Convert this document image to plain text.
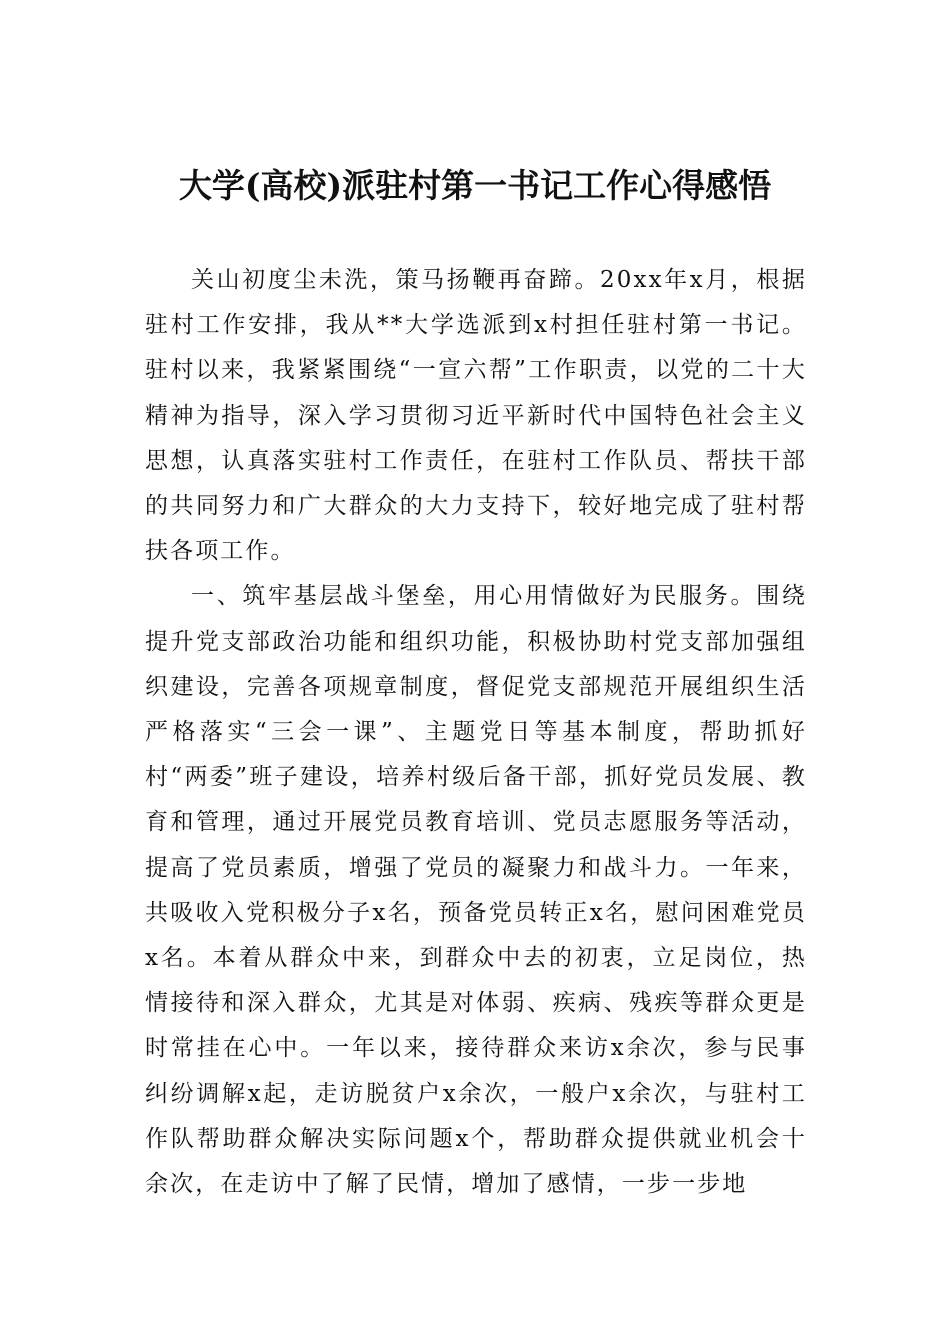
大学(高校)派驻村第一书记工作心得感悟

关山初度尘未洗，策马扬鞭再奋蹄。20xx年x月，根据驻村工作安排，我从**大学选派到x村担任驻村第一书记。驻村以来，我紧紧围绕“一宣六帮”工作职责，以党的二十大精神为指导，深入学习贯彻习近平新时代中国特色社会主义思想，认真落实驻村工作责任，在驻村工作队员、帮扶干部的共同努力和广大群众的大力支持下，较好地完成了驻村帮扶各项工作。

一、筑牢基层战斗堡垒，用心用情做好为民服务。围绕提升党支部政治功能和组织功能，积极协助村党支部加强组织建设，完善各项规章制度，督促党支部规范开展组织生活严格落实“三会一课”、主题党日等基本制度，帮助抓好村“两委”班子建设，培养村级后备干部，抓好党员发展、教育和管理，通过开展党员教育培训、党员志愿服务等活动，提高了党员素质，增强了党员的凝聚力和战斗力。一年来，共吸收入党积极分子x名，预备党员转正x名，慰问困难党员x名。本着从群众中来，到群众中去的初衷，立足岗位，热情接待和深入群众，尤其是对体弱、疾病、残疾等群众更是时常挂在心中。一年以来，接待群众来访x余次，参与民事纠纷调解x起，走访脱贫户x余次，一般户x余次，与驻村工作队帮助群众解决实际问题x个，帮助群众提供就业机会十余次，在走访中了解了民情，增加了感情，一步一步地
